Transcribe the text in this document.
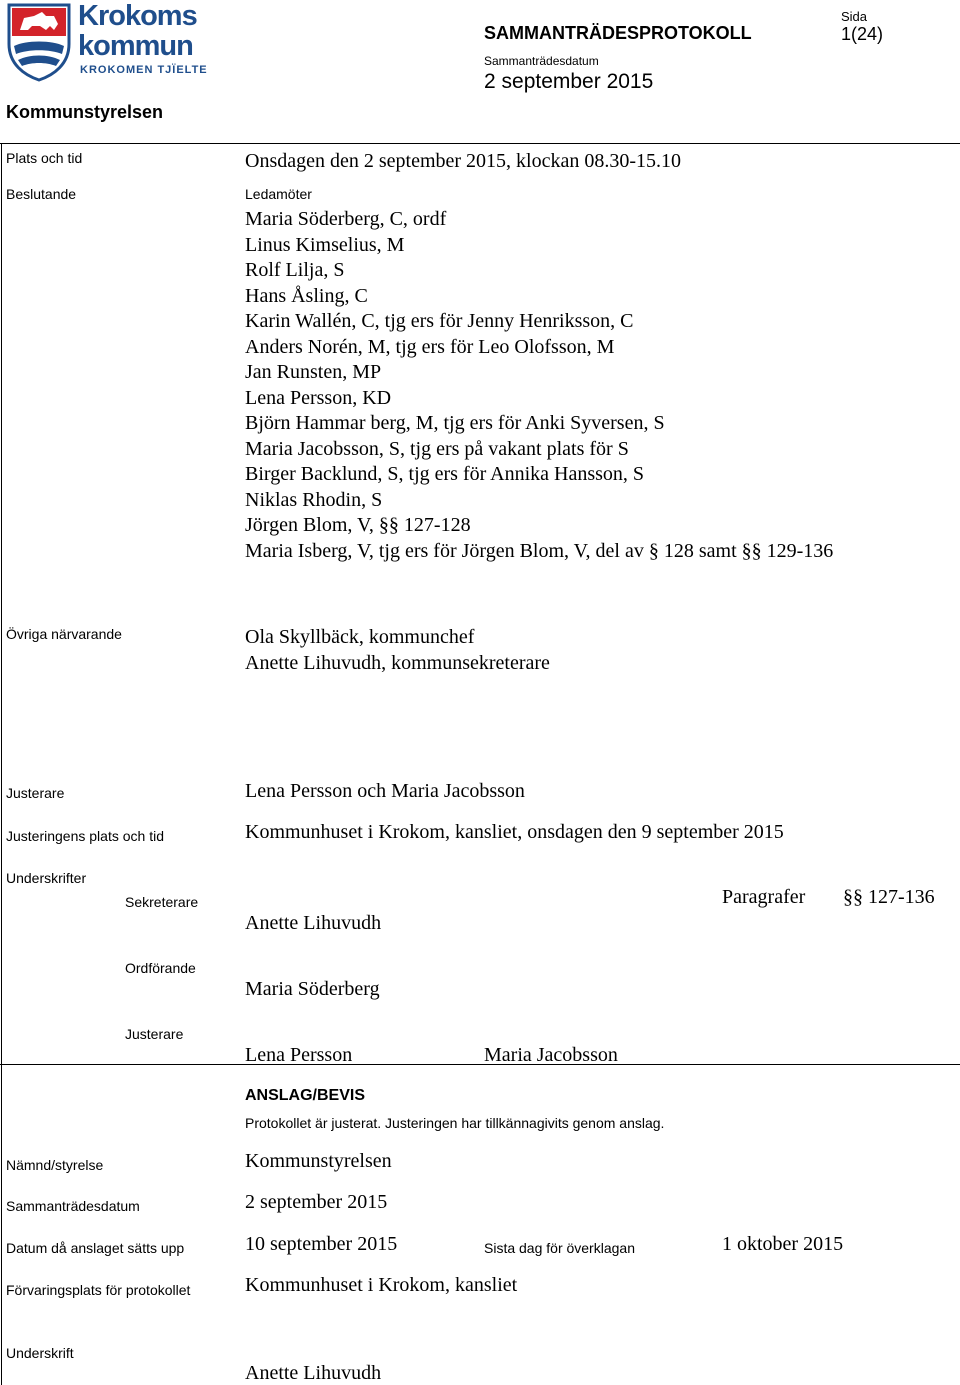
Krokoms
kommun
KROKOMEN TJÏELTE
Kommunstyrelsen
SAMMANTRÄDESPROTOKOLL
Sammanträdesdatum
2 september 2015
Sida
1(24)
Plats och tid	Onsdagen den 2 september 2015, klockan 08.30-15.10
Beslutande	Ledamöter
Maria Söderberg, C, ordf
Linus Kimselius, M
Rolf Lilja, S
Hans Åsling, C
Karin Wallén, C, tjg ers för Jenny Henriksson, C
Anders Norén, M, tjg ers för Leo Olofsson, M
Jan Runsten, MP
Lena Persson, KD
Björn Hammar berg, M, tjg ers för Anki Syversen, S
Maria Jacobsson, S, tjg ers på vakant plats för S
Birger Backlund, S, tjg ers för Annika Hansson, S
Niklas Rhodin, S
Jörgen Blom, V, §§ 127-128
Maria Isberg, V, tjg ers för Jörgen Blom, V, del av § 128 samt §§ 129-136
Övriga närvarande	Ola Skyllbäck, kommunchef
Anette Lihuvudh, kommunsekreterare
Justerare	Lena Persson och Maria Jacobsson
Justeringens plats och tid	Kommunhuset i Krokom, kansliet, onsdagen den 9 september 2015
Underskrifter
Sekreterare
Anette Lihuvudh
Paragrafer §§ 127-136
Ordförande
Maria Söderberg
Justerare
Lena Persson	Maria Jacobsson
ANSLAG/BEVIS
Protokollet är justerat. Justeringen har tillkännagivits genom anslag.
Nämnd/styrelse	Kommunstyrelsen
Sammanträdesdatum	2 september 2015
Datum då anslaget sätts upp	10 september 2015	Sista dag för överklagan	1 oktober 2015
Förvaringsplats för protokollet	Kommunhuset i Krokom, kansliet
Underskrift
Anette Lihuvudh
